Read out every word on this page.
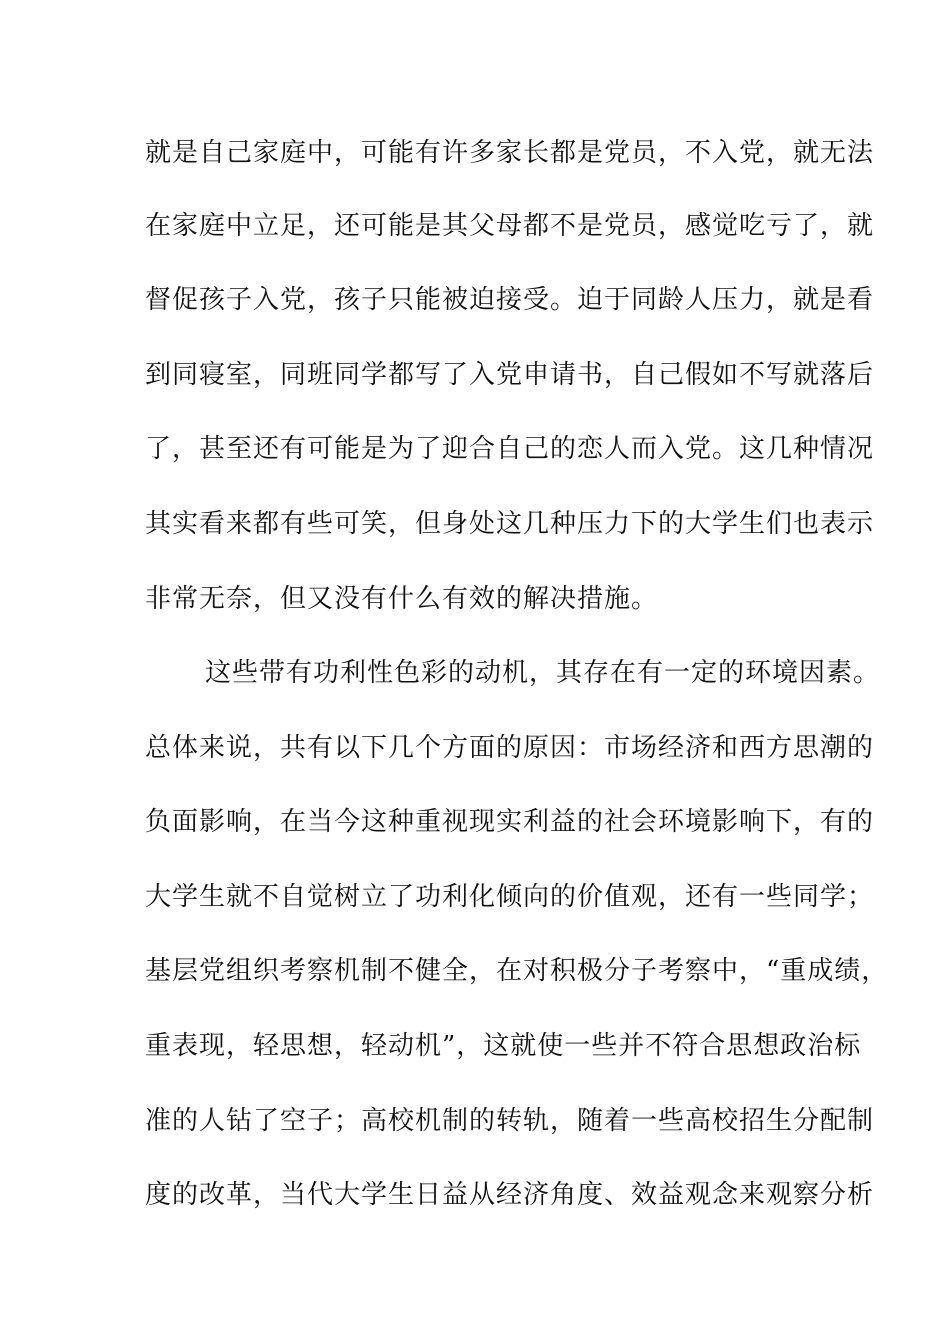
就是自己家庭中，可能有许多家长都是党员，不入党，就无法
在家庭中立足，还可能是其父母都不是党员，感觉吃亏了，就
督促孩子入党，孩子只能被迫接受。迫于同龄人压力，就是看
到同寝室，同班同学都写了入党申请书，自己假如不写就落后
了，甚至还有可能是为了迎合自己的恋人而入党。这几种情况
其实看来都有些可笑，但身处这几种压力下的大学生们也表示
非常无奈，但又没有什么有效的解决措施。
这些带有功利性色彩的动机，其存在有一定的环境因素。
总体来说，共有以下几个方面的原因：市场经济和西方思潮的
负面影响，在当今这种重视现实利益的社会环境影响下，有的
大学生就不自觉树立了功利化倾向的价值观，还有一些同学；
基层党组织考察机制不健全，在对积极分子考察中，“重成绩，
重表现，轻思想，轻动机”，这就使一些并不符合思想政治标
准的人钻了空子；高校机制的转轨，随着一些高校招生分配制
度的改革，当代大学生日益从经济角度、效益观念来观察分析
